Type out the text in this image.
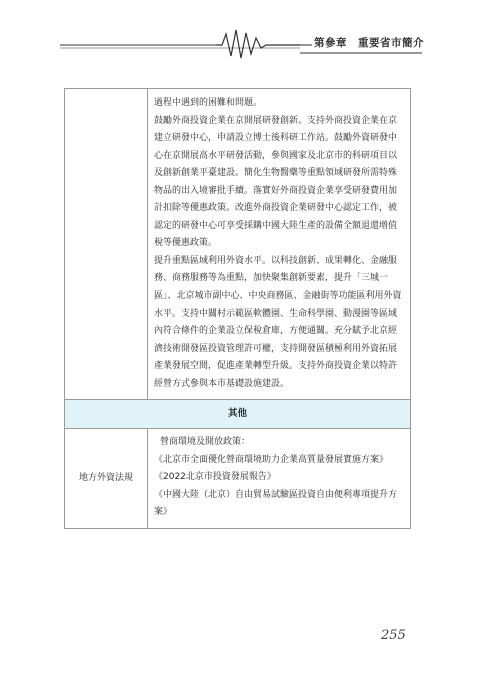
第參章　重要省市簡介

	過程中遇到的困難和問題。

鼓勵外商投資企業在京開展研發創新。支持外商投資企業在京建立研發中心，申請設立博士後科研工作站。鼓勵外資研發中心在京開展高水平研發活動，參與國家及北京市的科研項目以及創新創業平臺建設。簡化生物醫藥等重點領域研發所需特殊物品的出入境審批手續。落實好外商投資企業享受研發費用加計扣除等優惠政策。改進外商投資企業研發中心認定工作，被認定的研發中心可享受採購中國大陸生產的設備全額退還增值稅等優惠政策。

提升重點區域利用外資水平。以科技創新、成果轉化、金融服務、商務服務等為重點，加快聚集創新要素，提升「三城一區」、北京城市副中心、中央商務區、金融街等功能區利用外資水平。支持中關村示範區軟體園、生命科學園、動漫園等區域內符合條件的企業設立保稅倉庫，方便通關。充分賦予北京經濟技術開發區投資管理許可權，支持開發區積極利用外資拓展產業發展空間，促進產業轉型升級。支持外商投資企業以特許經營方式參與本市基礎設施建設。

其他	
地方外資法規	營商環境及開放政策：

《北京市全面優化營商環境助力企業高質量發展實施方案》

《2022北京市投資發展報告》

《中國大陸（北京）自由貿易試驗區投資自由便利專項提升方案》

255
